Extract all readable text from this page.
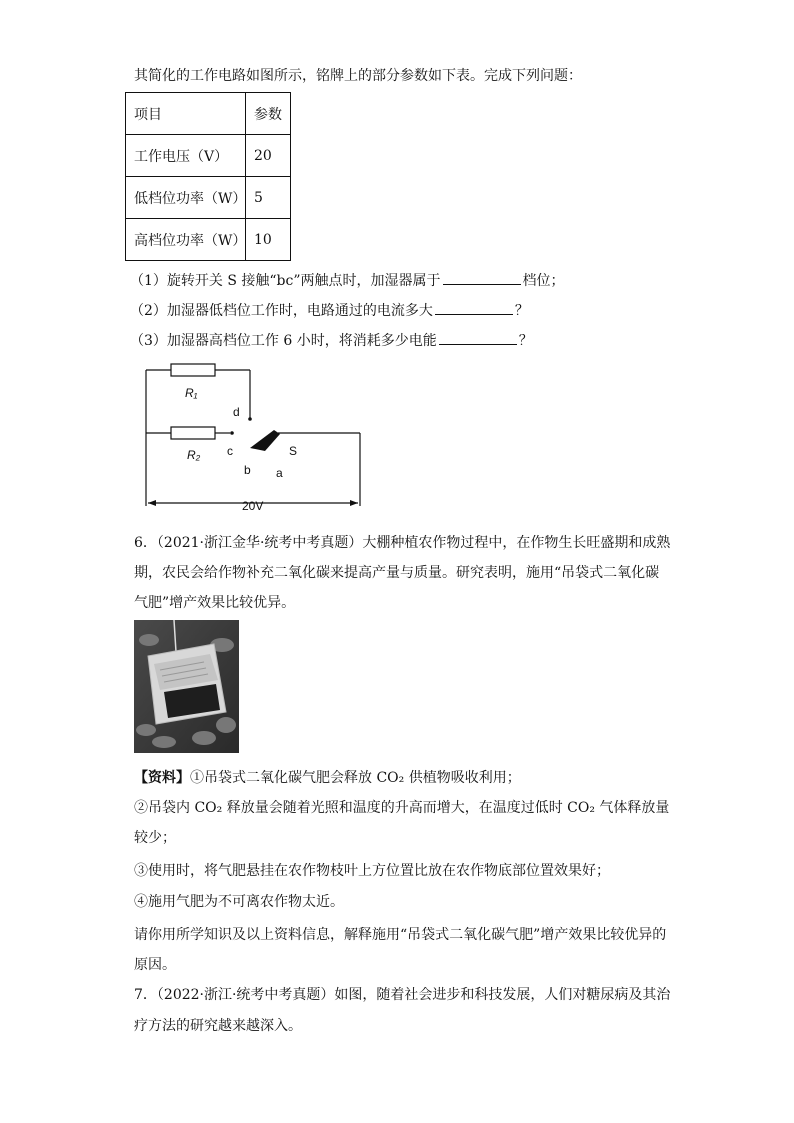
其简化的工作电路如图所示，铭牌上的部分参数如下表。完成下列问题：
项目	参数
工作电压（V）	20
低档位功率（W）	5
高档位功率（W）	10
（1）旋转开关 S 接触“bc”两触点时，加湿器属于	档位；
（2）加湿器低档位工作时，电路通过的电流多大	？
（3）加湿器高档位工作 6 小时，将消耗多少电能	？
R₁
R₂
d
c
b a
S
20V
6．（2021·浙江金华·统考中考真题）大棚种植农作物过程中，在作物生长旺盛期和成熟
期，农民会给作物补充二氧化碳来提高产量与质量。研究表明，施用“吊袋式二氧化碳
气肥”增产效果比较优异。
【资料】①吊袋式二氧化碳气肥会释放 CO₂ 供植物吸收利用；
②吊袋内 CO₂ 释放量会随着光照和温度的升高而增大，在温度过低时 CO₂ 气体释放量
较少；
③使用时，将气肥悬挂在农作物枝叶上方位置比放在农作物底部位置效果好；
④施用气肥为不可离农作物太近。
请你用所学知识及以上资料信息，解释施用“吊袋式二氧化碳气肥”增产效果比较优异的
原因。
7．（2022·浙江·统考中考真题）如图，随着社会进步和科技发展，人们对糖尿病及其治
疗方法的研究越来越深入。
